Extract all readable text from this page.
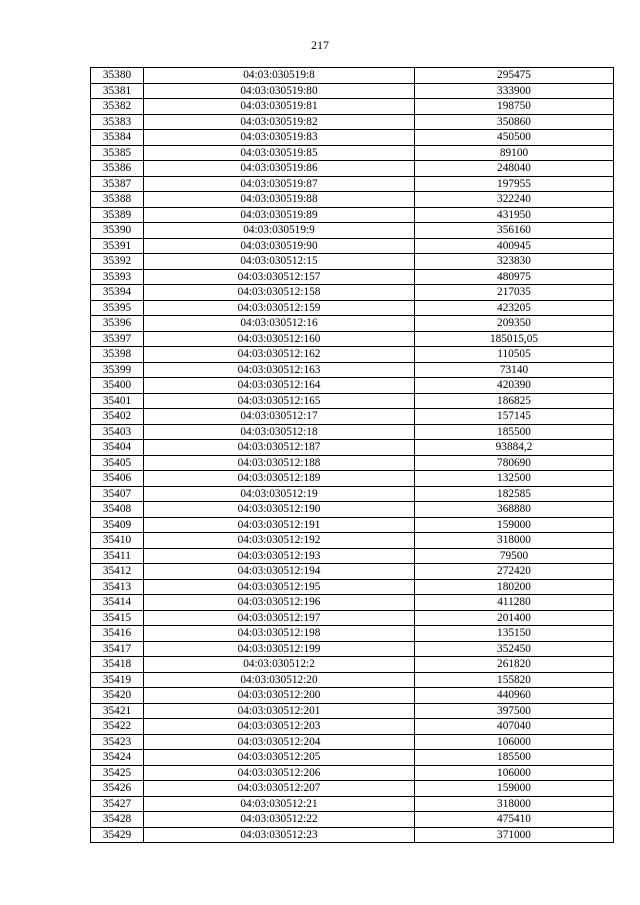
217
35380	04:03:030519:8	295475
35381	04:03:030519:80	333900
35382	04:03:030519:81	198750
35383	04:03:030519:82	350860
35384	04:03:030519:83	450500
35385	04:03:030519:85	89100
35386	04:03:030519:86	248040
35387	04:03:030519:87	197955
35388	04:03:030519:88	322240
35389	04:03:030519:89	431950
35390	04:03:030519:9	356160
35391	04:03:030519:90	400945
35392	04:03:030512:15	323830
35393	04:03:030512:157	480975
35394	04:03:030512:158	217035
35395	04:03:030512:159	423205
35396	04:03:030512:16	209350
35397	04:03:030512:160	185015,05
35398	04:03:030512:162	110505
35399	04:03:030512:163	73140
35400	04:03:030512:164	420390
35401	04:03:030512:165	186825
35402	04:03:030512:17	157145
35403	04:03:030512:18	185500
35404	04:03:030512:187	93884,2
35405	04:03:030512:188	780690
35406	04:03:030512:189	132500
35407	04:03:030512:19	182585
35408	04:03:030512:190	368880
35409	04:03:030512:191	159000
35410	04:03:030512:192	318000
35411	04:03:030512:193	79500
35412	04:03:030512:194	272420
35413	04:03:030512:195	180200
35414	04:03:030512:196	411280
35415	04:03:030512:197	201400
35416	04:03:030512:198	135150
35417	04:03:030512:199	352450
35418	04:03:030512:2	261820
35419	04:03:030512:20	155820
35420	04:03:030512:200	440960
35421	04:03:030512:201	397500
35422	04:03:030512:203	407040
35423	04:03:030512:204	106000
35424	04:03:030512:205	185500
35425	04:03:030512:206	106000
35426	04:03:030512:207	159000
35427	04:03:030512:21	318000
35428	04:03:030512:22	475410
35429	04:03:030512:23	371000
